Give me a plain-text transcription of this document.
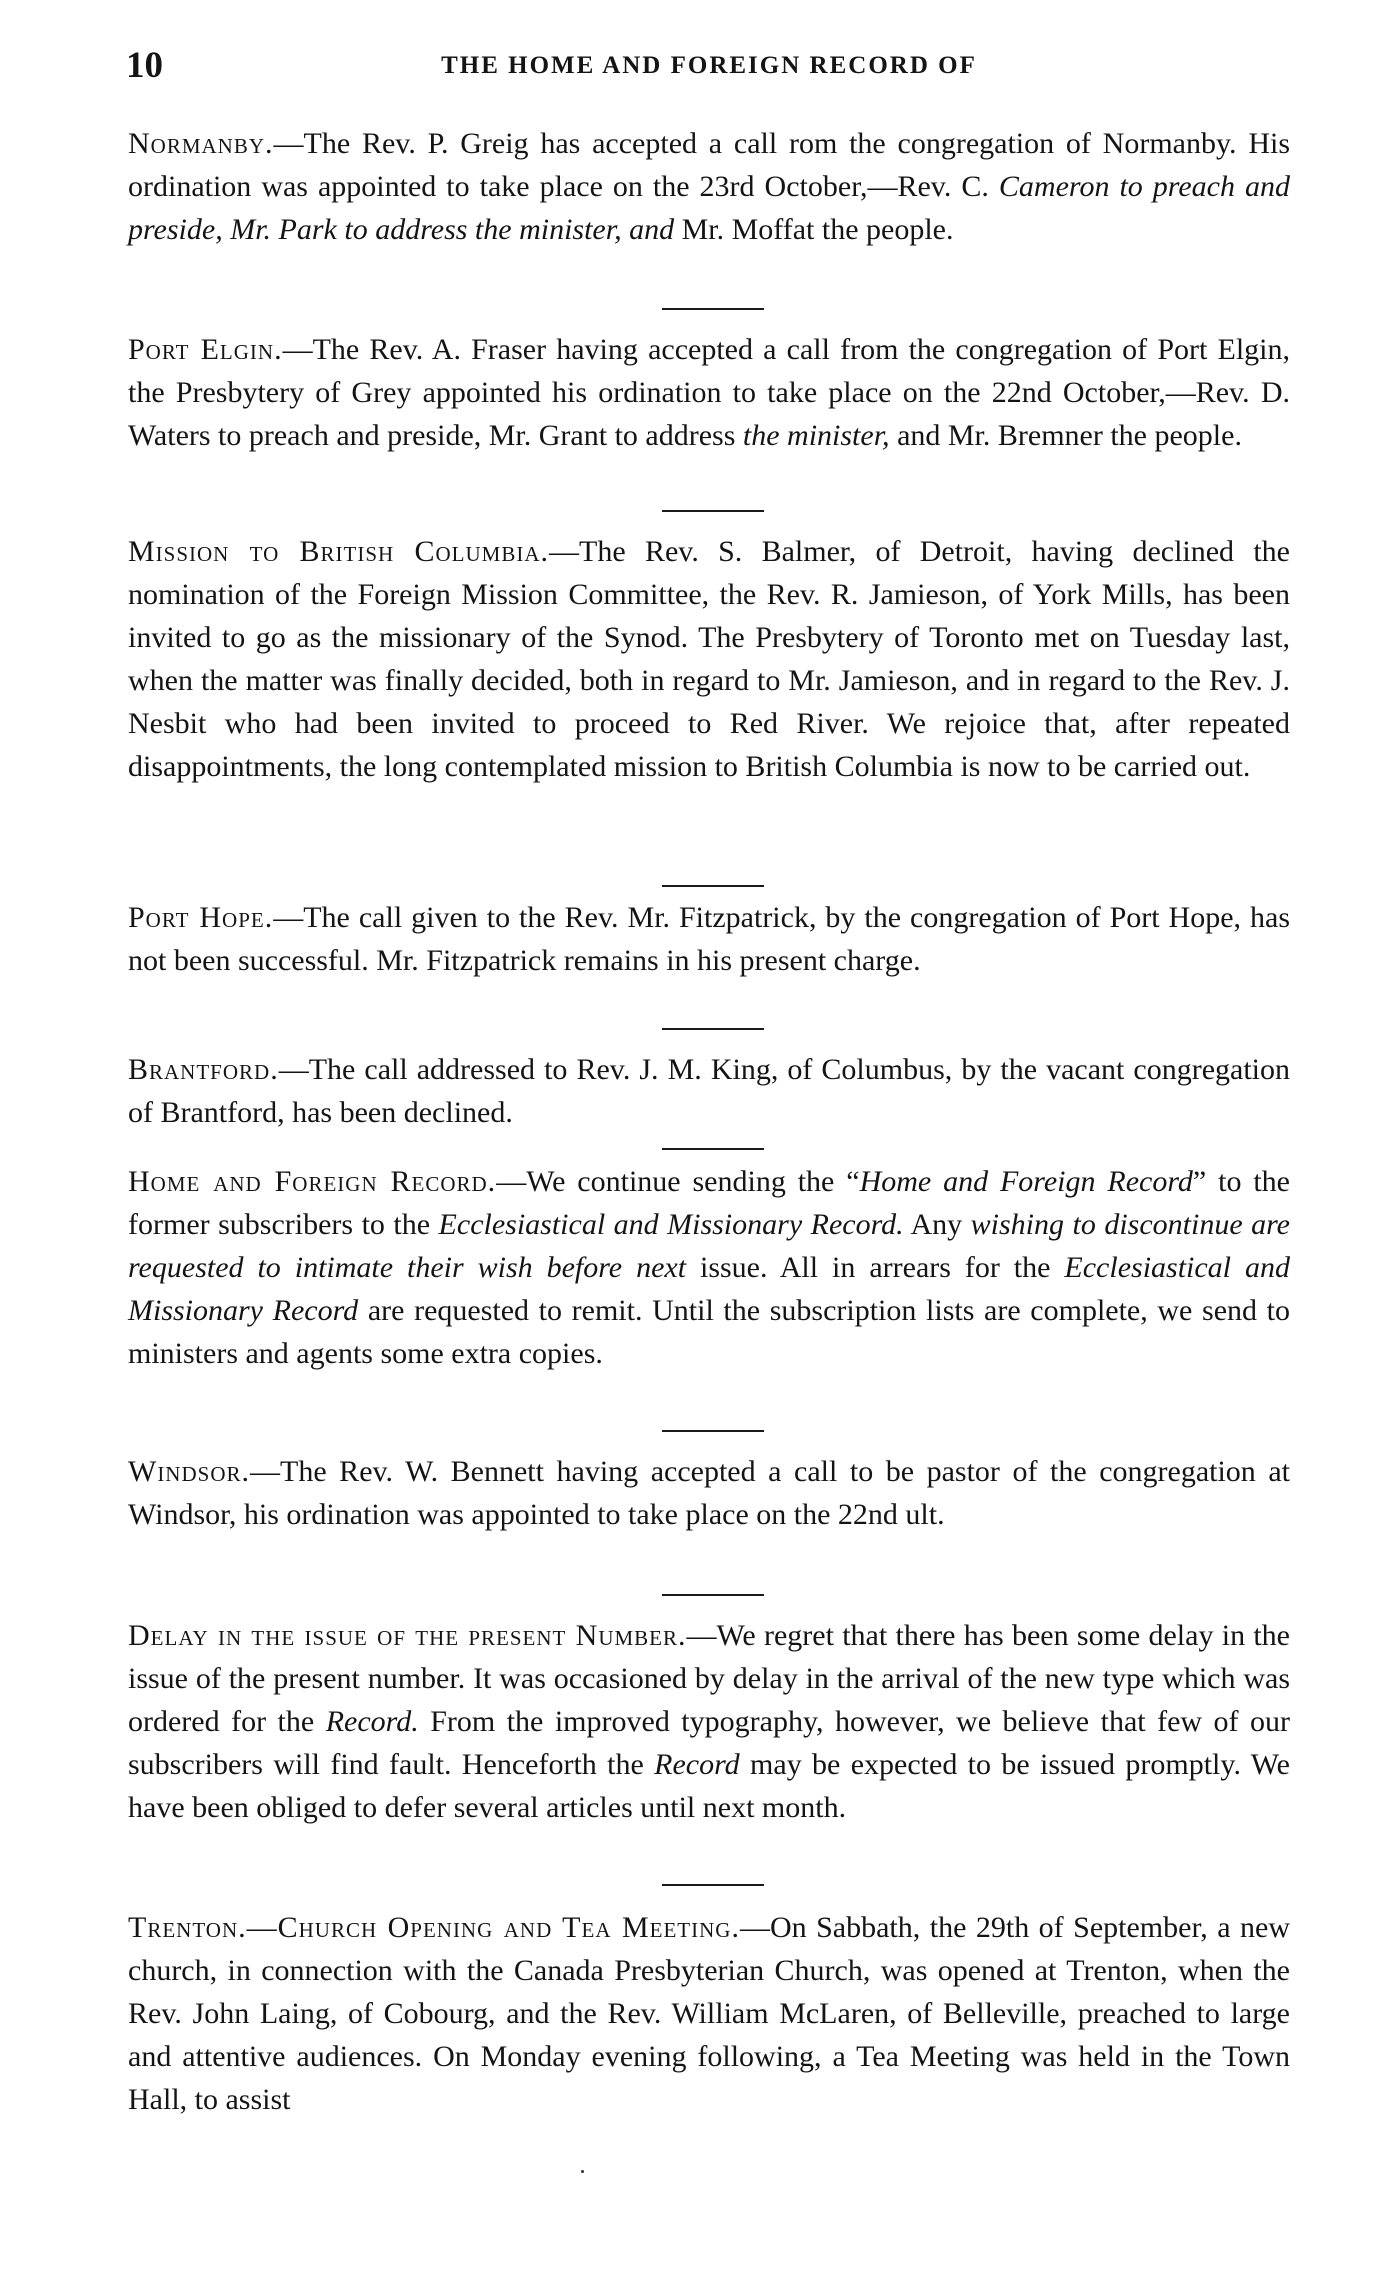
10	THE HOME AND FOREIGN RECORD OF

Normanby.—The Rev. P. Greig has accepted a call rom the congregation of Normanby. His ordination was appointed to take place on the 23rd October,—Rev. C. Cameron to preach and preside, Mr. Park to address the minister, and Mr. Moffat the people.

Port Elgin.—The Rev. A. Fraser having accepted a call from the congregation of Port Elgin, the Presbytery of Grey appointed his ordination to take place on the 22nd October,—Rev. D. Waters to preach and preside, Mr. Grant to address the minister, and Mr. Bremner the people.

Mission to British Columbia.—The Rev. S. Balmer, of Detroit, having declined the nomination of the Foreign Mission Committee, the Rev. R. Jamieson, of York Mills, has been invited to go as the missionary of the Synod. The Presbytery of Toronto met on Tuesday last, when the matter was finally decided, both in regard to Mr. Jamieson, and in regard to the Rev. J. Nesbit who had been invited to proceed to Red River. We rejoice that, after repeated disappointments, the long contemplated mission to British Columbia is now to be carried out.

Port Hope.—The call given to the Rev. Mr. Fitzpatrick, by the congregation of Port Hope, has not been successful. Mr. Fitzpatrick remains in his present charge.

Brantford.—The call addressed to Rev. J. M. King, of Columbus, by the vacant congregation of Brantford, has been declined.

Home and Foreign Record.—We continue sending the “Home and Foreign Record” to the former subscribers to the Ecclesiastical and Missionary Record. Any wishing to discontinue are requested to intimate their wish before next issue. All in arrears for the Ecclesiastical and Missionary Record are requested to remit. Until the subscription lists are complete, we send to ministers and agents some extra copies.

Windsor.—The Rev. W. Bennett having accepted a call to be pastor of the congregation at Windsor, his ordination was appointed to take place on the 22nd ult.

Delay in the issue of the present Number.—We regret that there has been some delay in the issue of the present number. It was occasioned by delay in the arrival of the new type which was ordered for the Record. From the improved typography, however, we believe that few of our subscribers will find fault. Henceforth the Record may be expected to be issued promptly. We have been obliged to defer several articles until next month.

Trenton.—Church Opening and Tea Meeting.—On Sabbath, the 29th of September, a new church, in connection with the Canada Presbyterian Church, was opened at Trenton, when the Rev. John Laing, of Cobourg, and the Rev. William McLaren, of Belleville, preached to large and attentive audiences. On Monday evening following, a Tea Meeting was held in the Town Hall, to assist
